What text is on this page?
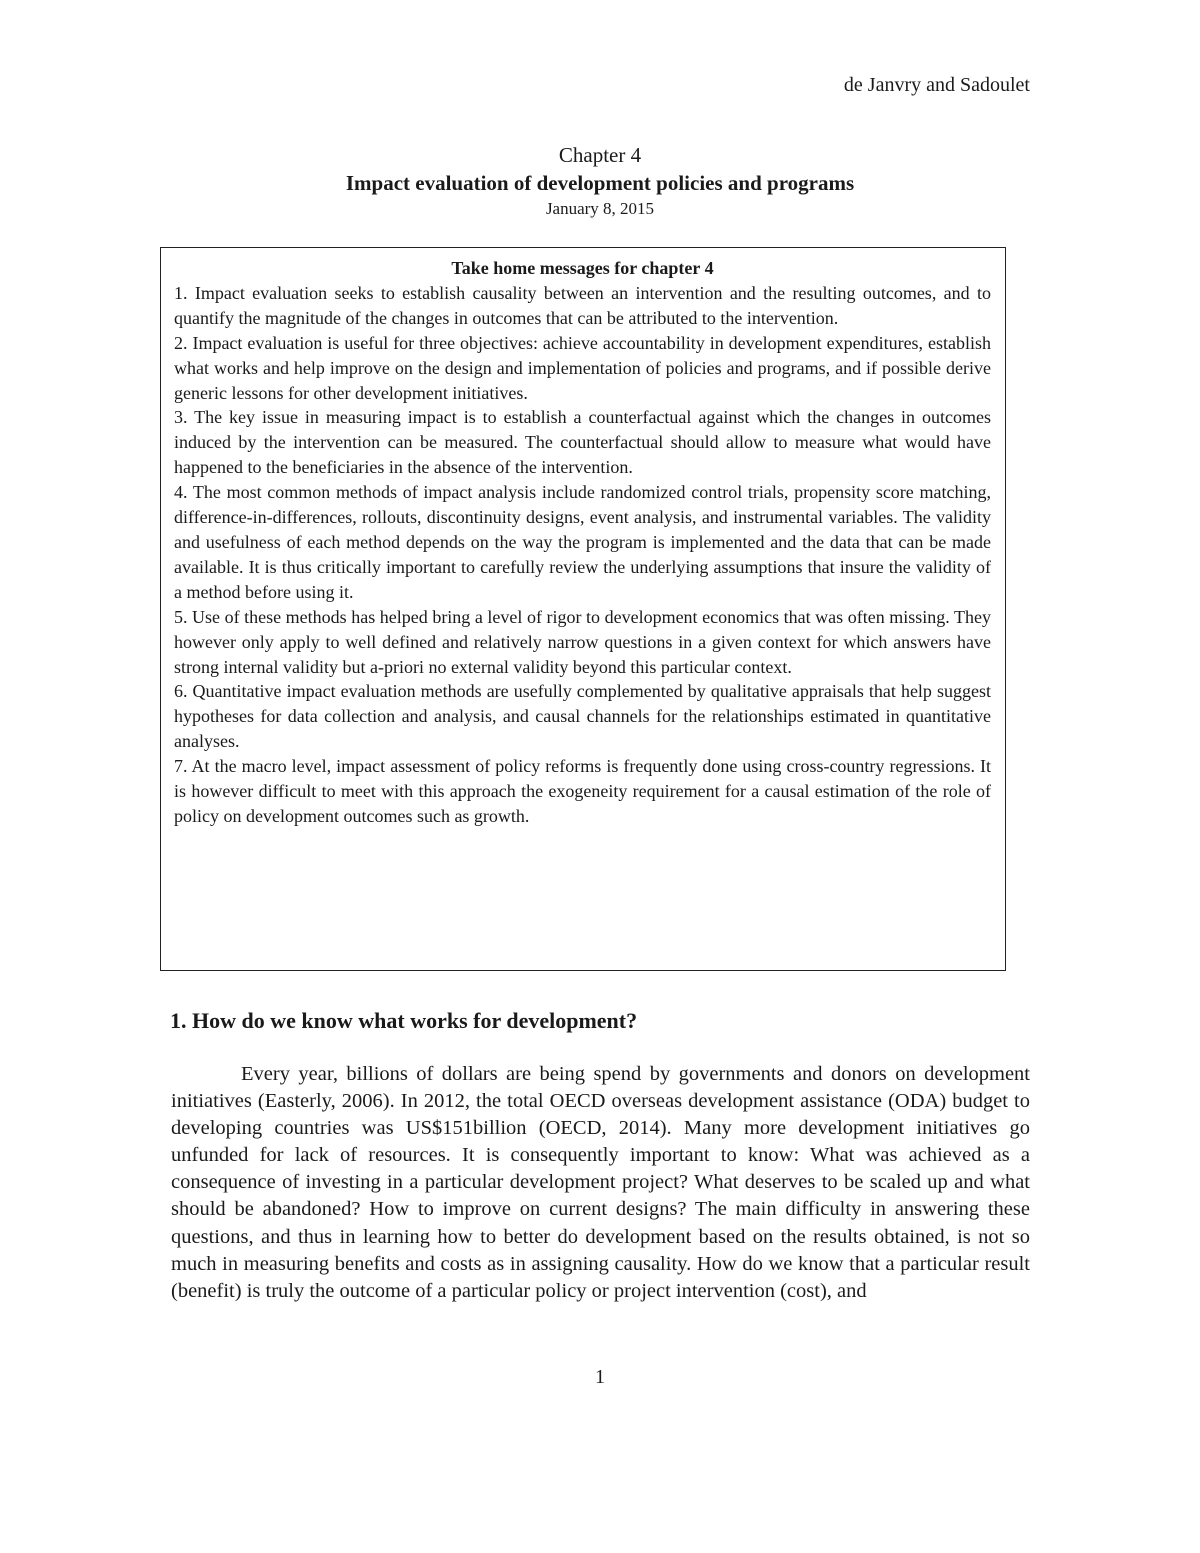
de Janvry and Sadoulet
Chapter 4
Impact evaluation of development policies and programs
January 8, 2015

Take home messages for chapter 4

1. Impact evaluation seeks to establish causality between an intervention and the resulting outcomes, and to quantify the magnitude of the changes in outcomes that can be attributed to the intervention.
2. Impact evaluation is useful for three objectives: achieve accountability in development expenditures, establish what works and help improve on the design and implementation of policies and programs, and if possible derive generic lessons for other development initiatives.
3. The key issue in measuring impact is to establish a counterfactual against which the changes in outcomes induced by the intervention can be measured. The counterfactual should allow to measure what would have happened to the beneficiaries in the absence of the intervention.
4. The most common methods of impact analysis include randomized control trials, propensity score matching, difference-in-differences, rollouts, discontinuity designs, event analysis, and instrumental variables. The validity and usefulness of each method depends on the way the program is implemented and the data that can be made available. It is thus critically important to carefully review the underlying assumptions that insure the validity of a method before using it.
5. Use of these methods has helped bring a level of rigor to development economics that was often missing. They however only apply to well defined and relatively narrow questions in a given context for which answers have strong internal validity but a-priori no external validity beyond this particular context.
6. Quantitative impact evaluation methods are usefully complemented by qualitative appraisals that help suggest hypotheses for data collection and analysis, and causal channels for the relationships estimated in quantitative analyses.
7. At the macro level, impact assessment of policy reforms is frequently done using cross-country regressions. It is however difficult to meet with this approach the exogeneity requirement for a causal estimation of the role of policy on development outcomes such as growth.
1. How do we know what works for development?

Every year, billions of dollars are being spend by governments and donors on development initiatives (Easterly, 2006). In 2012, the total OECD overseas development assistance (ODA) budget to developing countries was US$151billion (OECD, 2014). Many more development initiatives go unfunded for lack of resources. It is consequently important to know: What was achieved as a consequence of investing in a particular development project? What deserves to be scaled up and what should be abandoned? How to improve on current designs? The main difficulty in answering these questions, and thus in learning how to better do development based on the results obtained, is not so much in measuring benefits and costs as in assigning causality. How do we know that a particular result (benefit) is truly the outcome of a particular policy or project intervention (cost), and

1
